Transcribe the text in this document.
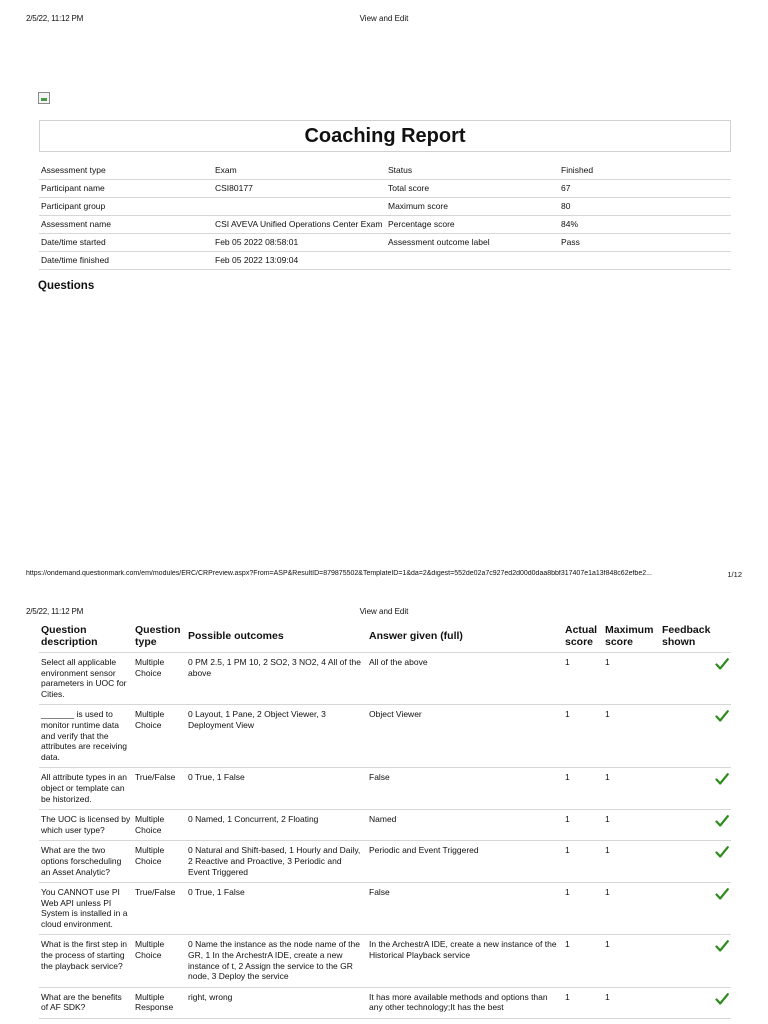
2/5/22, 11:12 PM	View and Edit
Coaching Report
Assessment type	Exam	Status	Finished
Participant name	CSI80177	Total score	67
Participant group		Maximum score	80
Assessment name	CSI AVEVA Unified Operations Center Exam	Percentage score	84%
Date/time started	Feb 05 2022 08:58:01	Assessment outcome label	Pass
Date/time finished	Feb 05 2022 13:09:04		
Questions
https://ondemand.questionmark.com/em/modules/ERC/CRPreview.aspx?From=ASP&ResultID=879875502&TemplateID=1&da=2&digest=552de02a7c927ed2d00d0daa8bbf317407e1a13f848c62efbe2...	1/12
2/5/22, 11:12 PM	View and Edit
Question description	Question type	Possible outcomes	Answer given (full)	Actual score	Maximum score	Feedback shown
Select all applicable environment sensor parameters in UOC for Cities.	Multiple Choice	0 PM 2.5, 1 PM 10, 2 SO2, 3 NO2, 4 All of the above	All of the above	1	1	
_______ is used to monitor runtime data and verify that the attributes are receiving data.	Multiple Choice	0 Layout, 1 Pane, 2 Object Viewer, 3 Deployment View	Object Viewer	1	1	
All attribute types in an object or template can be historized.	True/False	0 True, 1 False	False	1	1	
The UOC is licensed by which user type?	Multiple Choice	0 Named, 1 Concurrent, 2 Floating	Named	1	1	
What are the two options forscheduling an Asset Analytic?	Multiple Choice	0 Natural and Shift-based, 1 Hourly and Daily, 2 Reactive and Proactive, 3 Periodic and Event Triggered	Periodic and Event Triggered	1	1	
You CANNOT use PI Web API unless PI System is installed in a cloud environment.	True/False	0 True, 1 False	False	1	1	
What is the first step in the process of starting the playback service?	Multiple Choice	0 Name the instance as the node name of the GR, 1 In the ArchestrA IDE, create a new instance of t, 2 Assign the service to the GR node, 3 Deploy the service	In the ArchestrA IDE, create a new instance of the Historical Playback service	1	1	
What are the benefits of AF SDK?	Multiple Response	right, wrong	It has more available methods and options than any other technology;It has the best	1	1	
